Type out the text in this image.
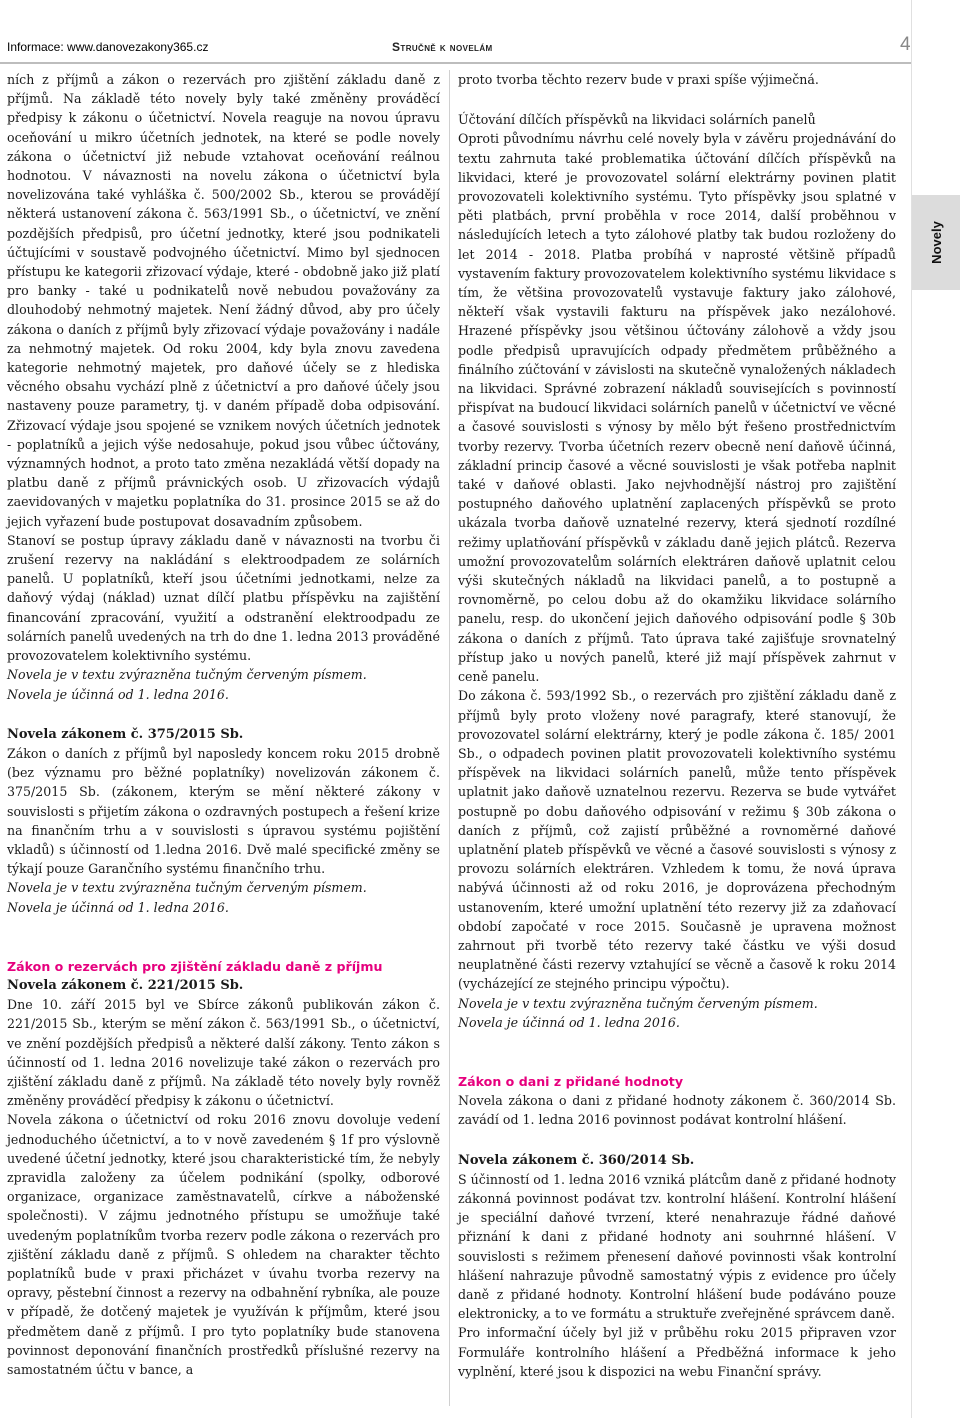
Informace: www.danovezakony365.cz	Stručně k novelám	4
Novely

ních z příjmů a zákon o rezervách pro zjištění základu daně z příjmů. Na základě této novely byly také změněny prováděcí předpisy k zákonu o účetnictví. Novela reaguje na novou úpravu oceňování u mikro účetních jednotek, na které se podle novely zákona o účetnictví již nebude vztahovat oceňování reálnou hodnotou. V návaznosti na novelu zákona o účetnictví byla novelizována také vyhláška č. 500/2002 Sb., kterou se provádějí některá ustanovení zákona č. 563/1991 Sb., o účetnictví, ve znění pozdějších předpisů, pro účetní jednotky, které jsou podnikateli účtujícími v soustavě podvojného účetnictví. Mimo byl sjednocen přístupu ke kategorii zřizovací výdaje, které - obdobně jako již platí pro banky - také u podnikatelů nově nebudou považovány za dlouhodobý nehmotný majetek. Není žádný důvod, aby pro účely zákona o daních z příjmů byly zřizovací výdaje považovány i nadále za nehmotný majetek. Od roku 2004, kdy byla znovu zavedena kategorie nehmotný majetek, pro daňové účely se z hlediska věcného obsahu vychází plně z účetnictví a pro daňové účely jsou nastaveny pouze parametry, tj. v daném případě doba odpisování. Zřizovací výdaje jsou spojené se vznikem nových účetních jednotek - poplatníků a jejich výše nedosahuje, pokud jsou vůbec účtovány, významných hodnot, a proto tato změna nezakládá větší dopady na platbu daně z příjmů právnických osob. U zřizovacích výdajů zaevidovaných v majetku poplatníka do 31. prosince 2015 se až do jejich vyřazení bude postupovat dosavadním způsobem.

Stanoví se postup úpravy základu daně v návaznosti na tvorbu či zrušení rezervy na nakládání s elektroodpadem ze solárních panelů. U poplatníků, kteří jsou účetními jednotkami, nelze za daňový výdaj (náklad) uznat dílčí platbu příspěvku na zajištění financování zpracování, využití a odstranění elektroodpadu ze solárních panelů uvedených na trh do dne 1. ledna 2013 prováděné provozovatelem kolektivního systému.

Novela je v textu zvýrazněna tučným červeným písmem.

Novela je účinná od 1. ledna 2016.

Novela zákonem č. 375/2015 Sb.

Zákon o daních z příjmů byl naposledy koncem roku 2015 drobně (bez významu pro běžné poplatníky) novelizován zákonem č. 375/2015 Sb. (zákonem, kterým se mění některé zákony v souvislosti s přijetím zákona o ozdravných postupech a řešení krize na finančním trhu a v souvislosti s úpravou systému pojištění vkladů) s účinností od 1.ledna 2016. Dvě malé specifické změny se týkají pouze Garančního systému finančního trhu.

Novela je v textu zvýrazněna tučným červeným písmem.

Novela je účinná od 1. ledna 2016.

Zákon o rezervách pro zjištění základu daně z příjmu

Novela zákonem č. 221/2015 Sb.

Dne 10. září 2015 byl ve Sbírce zákonů publikován zákon č. 221/2015 Sb., kterým se mění zákon č. 563/1991 Sb., o účetnictví, ve znění pozdějších předpisů a některé další zákony. Tento zákon s účinností od 1. ledna 2016 novelizuje také zákon o rezervách pro zjištění základu daně z příjmů. Na základě této novely byly rovněž změněny prováděcí předpisy k zákonu o účetnictví.

Novela zákona o účetnictví od roku 2016 znovu dovoluje vedení jednoduchého účetnictví, a to v nově zavedeném § 1f pro výslovně uvedené účetní jednotky, které jsou charakteristické tím, že nebyly zpravidla založeny za účelem podnikání (spolky, odborové organizace, organizace zaměstnavatelů, církve a náboženské společnosti). V zájmu jednotného přístupu se umožňuje také uvedeným poplatníkům tvorba rezerv podle zákona o rezervách pro zjištění základu daně z příjmů. S ohledem na charakter těchto poplatníků bude v praxi přicházet v úvahu tvorba rezervy na opravy, pěstební činnost a rezervy na odbahnění rybníka, ale pouze v případě, že dotčený majetek je využíván k příjmům, které jsou předmětem daně z příjmů. I pro tyto poplatníky bude stanovena povinnost deponování finančních prostředků příslušné rezervy na samostatném účtu v bance, a

proto tvorba těchto rezerv bude v praxi spíše výjimečná.

Účtování dílčích příspěvků na likvidaci solárních panelů

Oproti původnímu návrhu celé novely byla v závěru projednávání do textu zahrnuta také problematika účtování dílčích příspěvků na likvidaci, které je provozovatel solární elektrárny povinen platit provozovateli kolektivního systému. Tyto příspěvky jsou splatné v pěti platbách, první proběhla v roce 2014, další proběhnou v následujících letech a tyto zálohové platby tak budou rozloženy do let 2014 - 2018. Platba probíhá v naprosté většině případů vystavením faktury provozovatelem kolektivního systému likvidace s tím, že většina provozovatelů vystavuje faktury jako zálohové, někteří však vystavili fakturu na příspěvek jako nezálohové. Hrazené příspěvky jsou většinou účtovány zálohově a vždy jsou podle předpisů upravujících odpady předmětem průběžného a finálního zúčtování v závislosti na skutečně vynaložených nákladech na likvidaci. Správné zobrazení nákladů souvisejících s povinností přispívat na budoucí likvidaci solárních panelů v účetnictví ve věcné a časové souvislosti s výnosy by mělo být řešeno prostřednictvím tvorby rezervy. Tvorba účetních rezerv obecně není daňově účinná, základní princip časové a věcné souvislosti je však potřeba naplnit také v daňové oblasti. Jako nejvhodnější nástroj pro zajištění postupného daňového uplatnění zaplacených příspěvků se proto ukázala tvorba daňově uznatelné rezervy, která sjednotí rozdílné režimy uplatňování příspěvků v základu daně jejich plátců. Rezerva umožní provozovatelům solárních elektráren daňově uplatnit celou výši skutečných nákladů na likvidaci panelů, a to postupně a rovnoměrně, po celou dobu až do okamžiku likvidace solárního panelu, resp. do ukončení jejich daňového odpisování podle § 30b zákona o daních z příjmů. Tato úprava také zajišťuje srovnatelný přístup jako u nových panelů, které již mají příspěvek zahrnut v ceně panelu.

Do zákona č. 593/1992 Sb., o rezervách pro zjištění základu daně z příjmů byly proto vloženy nové paragrafy, které stanovují, že provozovatel solární elektrárny, který je podle zákona č. 185/ 2001 Sb., o odpadech povinen platit provozovateli kolektivního systému příspěvek na likvidaci solárních panelů, může tento příspěvek uplatnit jako daňově uznatelnou rezervu. Rezerva se bude vytvářet postupně po dobu daňového odpisování v režimu § 30b zákona o daních z příjmů, což zajistí průběžné a rovnoměrné daňové uplatnění plateb příspěvků ve věcné a časové souvislosti s výnosy z provozu solárních elektráren. Vzhledem k tomu, že nová úprava nabývá účinnosti až od roku 2016, je doprovázena přechodným ustanovením, které umožní uplatnění této rezervy již za zdaňovací období započaté v roce 2015. Současně je upravena možnost zahrnout při tvorbě této rezervy také částku ve výši dosud neuplatněné části rezervy vztahující se věcně a časově k roku 2014 (vycházející ze stejného principu výpočtu).

Novela je v textu zvýrazněna tučným červeným písmem.

Novela je účinná od 1. ledna 2016.

Zákon o dani z přidané hodnoty

Novela zákona o dani z přidané hodnoty zákonem č. 360/2014 Sb. zavádí od 1. ledna 2016 povinnost podávat kontrolní hlášení.

Novela zákonem č. 360/2014 Sb.

S účinností od 1. ledna 2016 vzniká plátcům daně z přidané hodnoty zákonná povinnost podávat tzv. kontrolní hlášení. Kontrolní hlášení je speciální daňové tvrzení, které nenahrazuje řádné daňové přiznání k dani z přidané hodnoty ani souhrnné hlášení. V souvislosti s režimem přenesení daňové povinnosti však kontrolní hlášení nahrazuje původně samostatný výpis z evidence pro účely daně z přidané hodnoty. Kontrolní hlášení bude podáváno pouze elektronicky, a to ve formátu a struktuře zveřejněné správcem daně.

Pro informační účely byl již v průběhu roku 2015 připraven vzor Formuláře kontrolního hlášení a Předběžná informace k jeho vyplnění, které jsou k dispozici na webu Finanční správy.
